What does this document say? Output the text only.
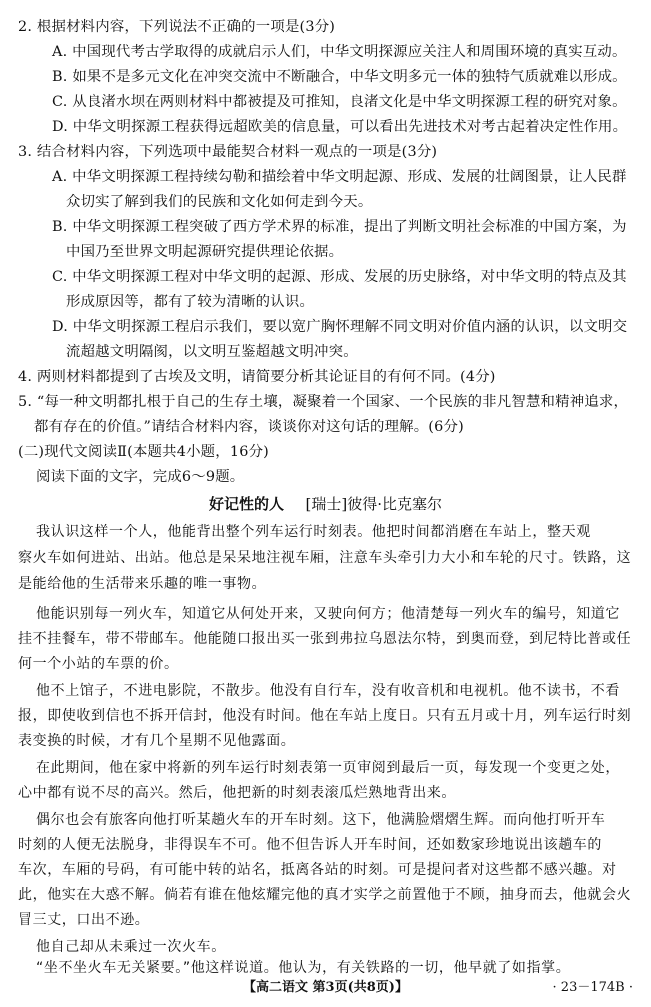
2. 根据材料内容，下列说法不正确的一项是(3分)
A. 中国现代考古学取得的成就启示人们，中华文明探源应关注人和周围环境的真实互动。
B. 如果不是多元文化在冲突交流中不断融合，中华文明多元一体的独特气质就难以形成。
C. 从良渚水坝在两则材料中都被提及可推知，良渚文化是中华文明探源工程的研究对象。
D. 中华文明探源工程获得远超欧美的信息量，可以看出先进技术对考古起着决定性作用。
3. 结合材料内容，下列选项中最能契合材料一观点的一项是(3分)
A. 中华文明探源工程持续勾勒和描绘着中华文明起源、形成、发展的壮阔图景，让人民群
众切实了解到我们的民族和文化如何走到今天。
B. 中华文明探源工程突破了西方学术界的标准，提出了判断文明社会标准的中国方案，为
中国乃至世界文明起源研究提供理论依据。
C. 中华文明探源工程对中华文明的起源、形成、发展的历史脉络，对中华文明的特点及其
形成原因等，都有了较为清晰的认识。
D. 中华文明探源工程启示我们，要以宽广胸怀理解不同文明对价值内涵的认识，以文明交
流超越文明隔阂，以文明互鉴超越文明冲突。
4. 两则材料都提到了古埃及文明，请简要分析其论证目的有何不同。(4分)
5. “每一种文明都扎根于自己的生存土壤，凝聚着一个国家、一个民族的非凡智慧和精神追求，
都有存在的价值。”请结合材料内容，谈谈你对这句话的理解。(6分)
(二)现代文阅读Ⅱ(本题共4小题，16分)
阅读下面的文字，完成6～9题。
好记性的人 [瑞士]彼得·比克塞尔
我认识这样一个人，他能背出整个列车运行时刻表。他把时间都消磨在车站上，整天观
察火车如何进站、出站。他总是呆呆地注视车厢，注意车头牵引力大小和车轮的尺寸。铁路，这
是能给他的生活带来乐趣的唯一事物。
他能识别每一列火车，知道它从何处开来，又驶向何方；他清楚每一列火车的编号，知道它
挂不挂餐车，带不带邮车。他能随口报出买一张到弗拉乌恩法尔特，到奥而登，到尼特比普或任
何一个小站的车票的价。
他不上馆子，不进电影院，不散步。他没有自行车，没有收音机和电视机。他不读书，不看
报，即使收到信也不拆开信封，他没有时间。他在车站上度日。只有五月或十月，列车运行时刻
表变换的时候，才有几个星期不见他露面。
在此期间，他在家中将新的列车运行时刻表第一页审阅到最后一页，每发现一个变更之处，
心中都有说不尽的高兴。然后，他把新的时刻表滚瓜烂熟地背出来。
偶尔也会有旅客向他打听某趟火车的开车时刻。这下，他满脸熠熠生辉。而向他打听开车
时刻的人便无法脱身，非得误车不可。他不但告诉人开车时间，还如数家珍地说出该趟车的
车次，车厢的号码，有可能中转的站名，抵离各站的时刻。可是提问者对这些都不感兴趣。对
此，他实在大惑不解。倘若有谁在他炫耀完他的真才实学之前置他于不顾，抽身而去，他就会火
冒三丈，口出不逊。
他自己却从未乘过一次火车。
“坐不坐火车无关紧要。”他这样说道。他认为，有关铁路的一切，他早就了如指掌。
【高二语文 第3页(共8页)】	· 23－174B ·
